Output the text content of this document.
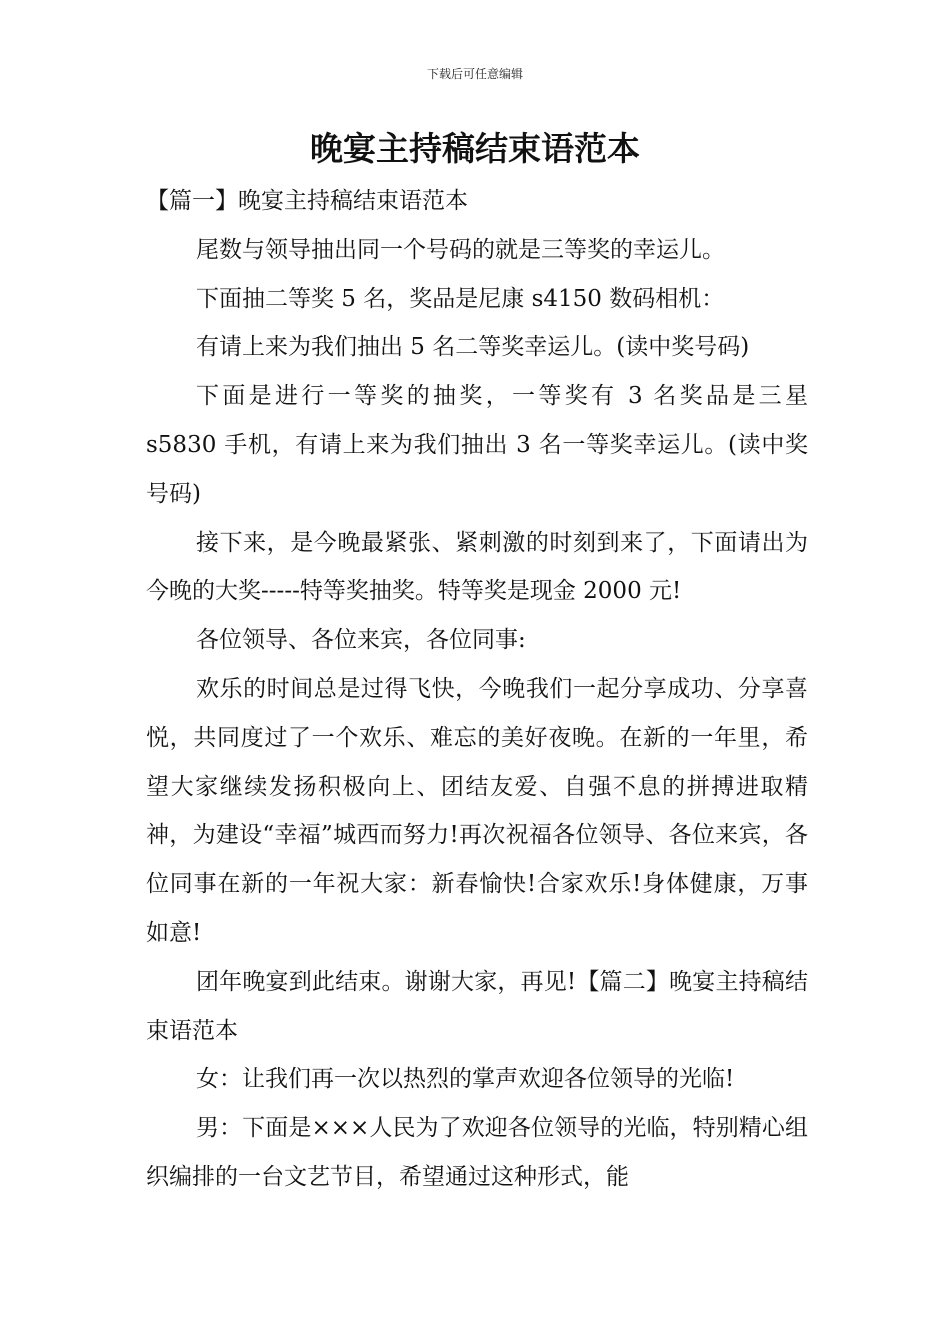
下载后可任意编辑
晚宴主持稿结束语范本

【篇一】晚宴主持稿结束语范本

尾数与领导抽出同一个号码的就是三等奖的幸运儿。

下面抽二等奖 5 名，奖品是尼康 s4150 数码相机：

有请上来为我们抽出 5 名二等奖幸运儿。(读中奖号码)

下面是进行一等奖的抽奖，一等奖有 3 名奖品是三星 s5830 手机，有请上来为我们抽出 3 名一等奖幸运儿。(读中奖号码)

接下来，是今晚最紧张、紧刺激的时刻到来了，下面请出为今晚的大奖-----特等奖抽奖。特等奖是现金 2000 元!

各位领导、各位来宾，各位同事:

欢乐的时间总是过得飞快，今晚我们一起分享成功、分享喜悦，共同度过了一个欢乐、难忘的美好夜晚。在新的一年里，希望大家继续发扬积极向上、团结友爱、自强不息的拼搏进取精神，为建设“幸福”城西而努力!再次祝福各位领导、各位来宾，各位同事在新的一年祝大家：新春愉快!合家欢乐!身体健康，万事如意!

团年晚宴到此结束。谢谢大家，再见!【篇二】晚宴主持稿结束语范本

女：让我们再一次以热烈的掌声欢迎各位领导的光临!

男：下面是×××人民为了欢迎各位领导的光临，特别精心组织编排的一台文艺节目，希望通过这种形式，能
